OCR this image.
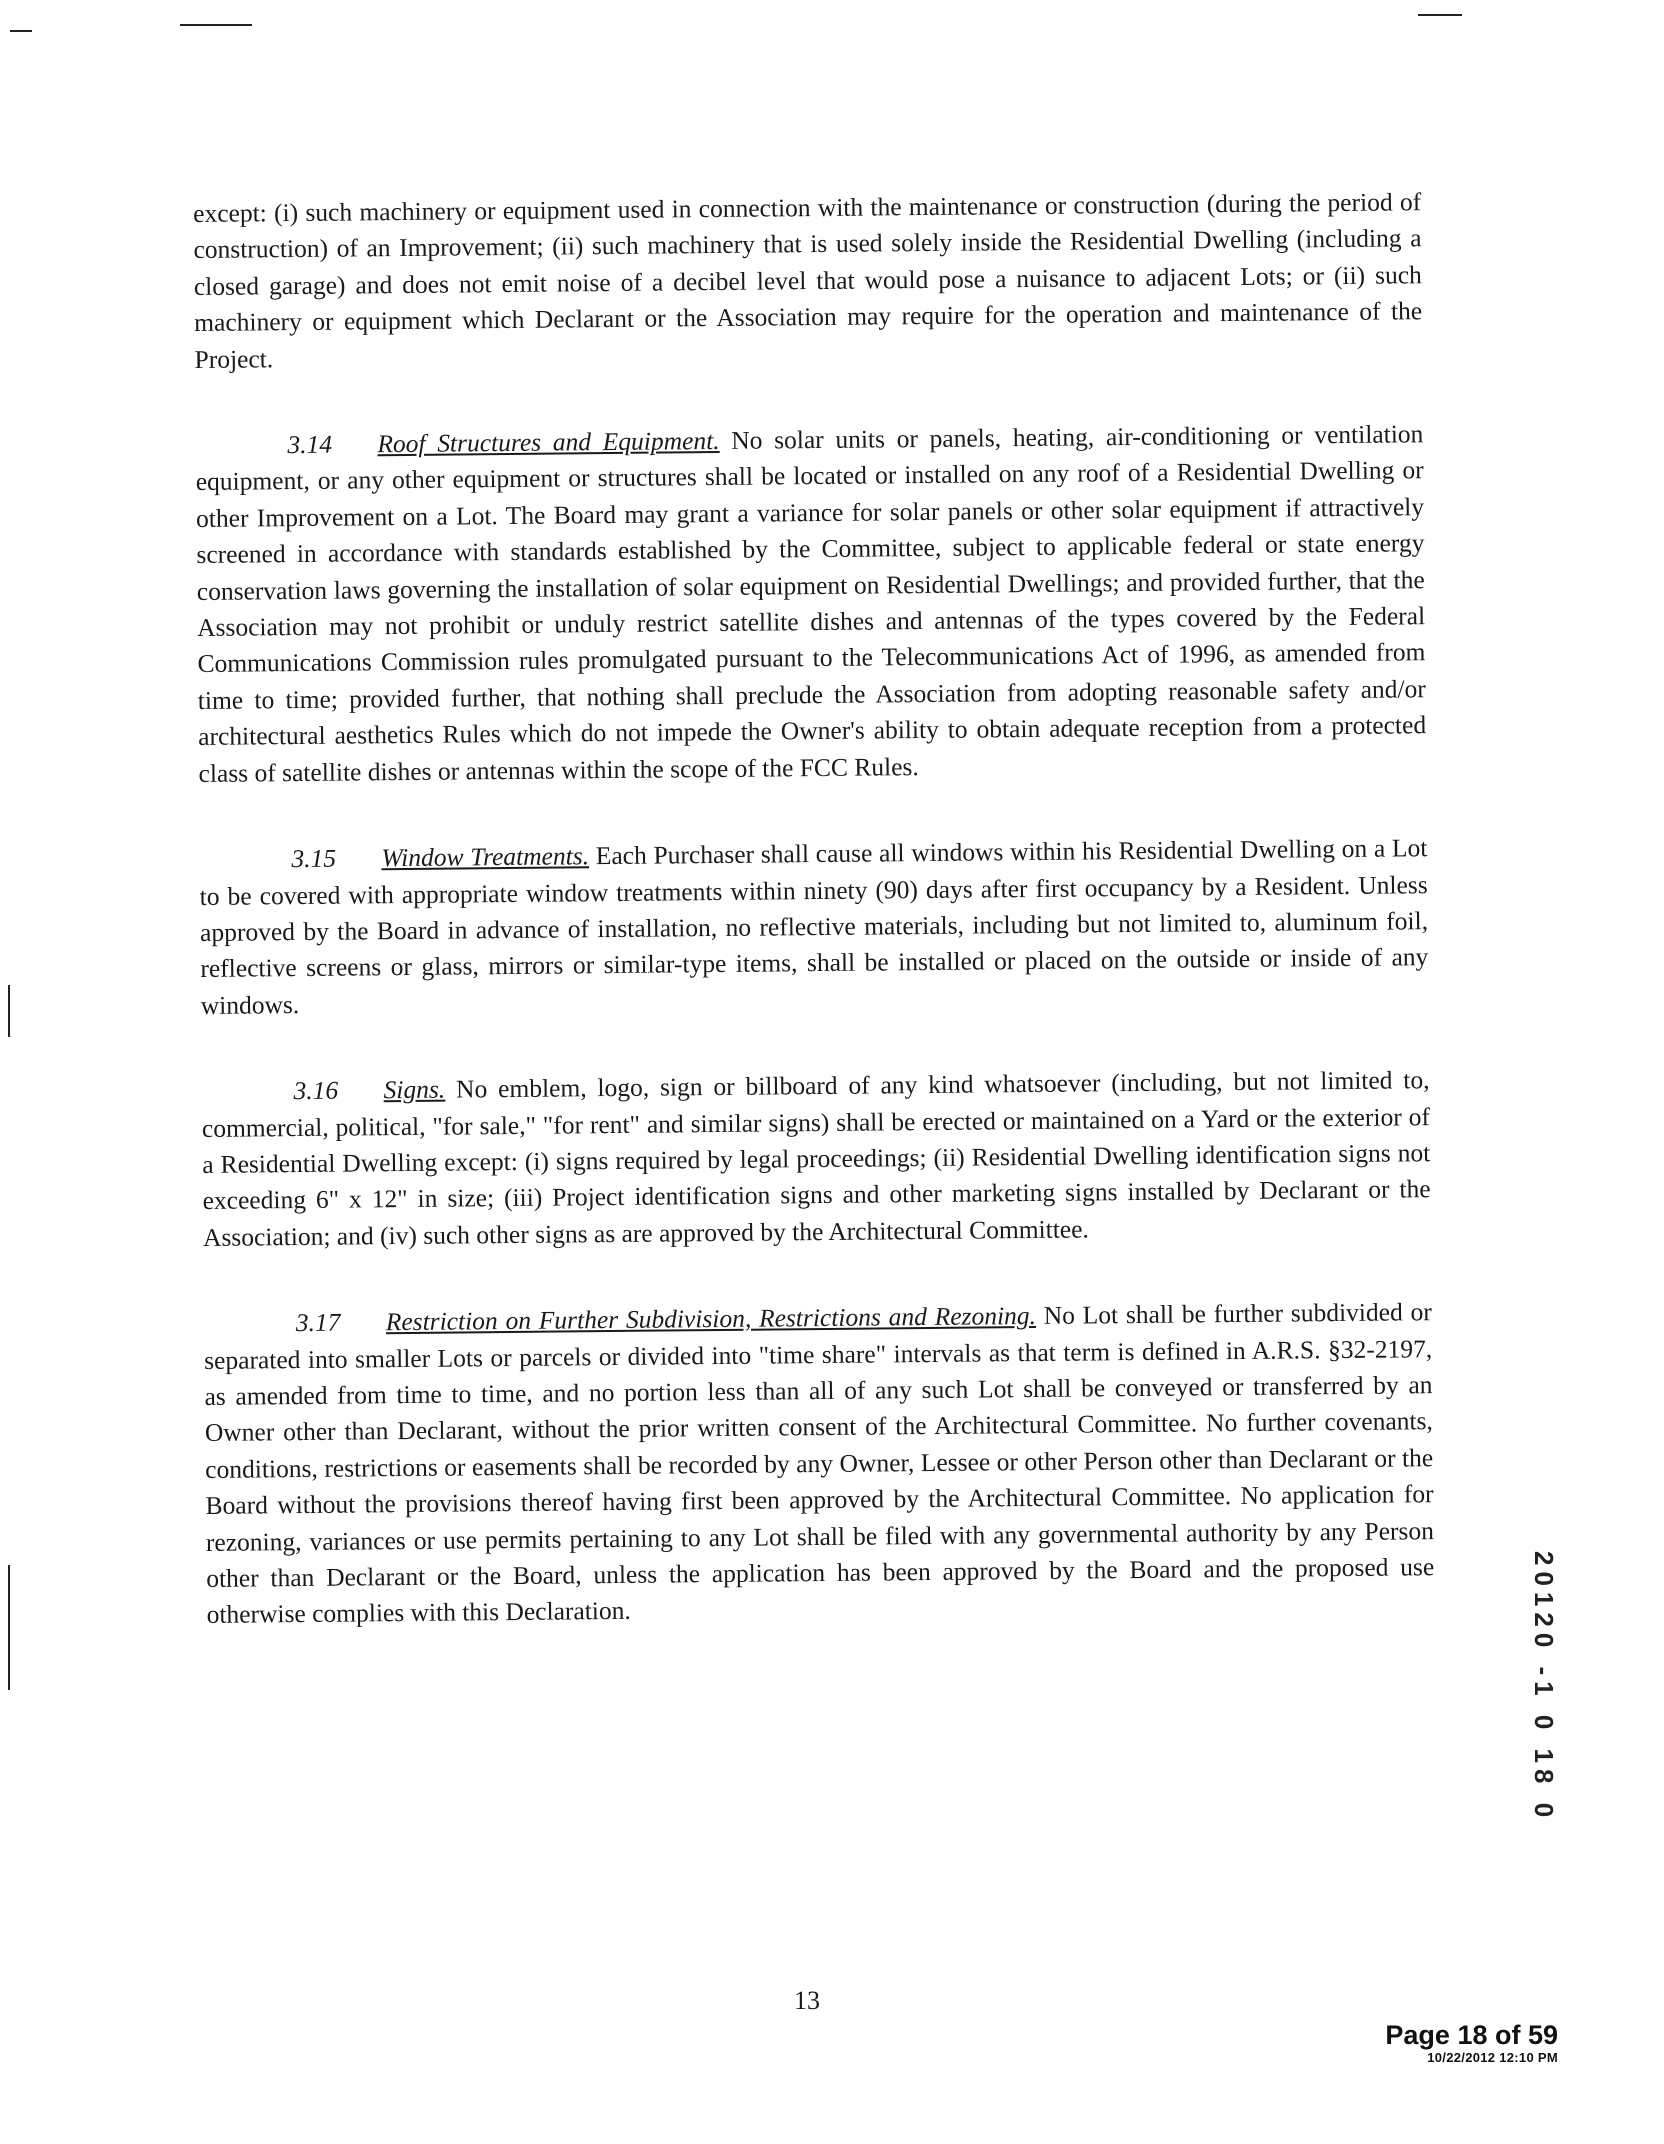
except: (i) such machinery or equipment used in connection with the maintenance or construction (during the period of construction) of an Improvement; (ii) such machinery that is used solely inside the Residential Dwelling (including a closed garage) and does not emit noise of a decibel level that would pose a nuisance to adjacent Lots; or (ii) such machinery or equipment which Declarant or the Association may require for the operation and maintenance of the Project.

3.14 Roof Structures and Equipment. No solar units or panels, heating, air-conditioning or ventilation equipment, or any other equipment or structures shall be located or installed on any roof of a Residential Dwelling or other Improvement on a Lot. The Board may grant a variance for solar panels or other solar equipment if attractively screened in accordance with standards established by the Committee, subject to applicable federal or state energy conservation laws governing the installation of solar equipment on Residential Dwellings; and provided further, that the Association may not prohibit or unduly restrict satellite dishes and antennas of the types covered by the Federal Communications Commission rules promulgated pursuant to the Telecommunications Act of 1996, as amended from time to time; provided further, that nothing shall preclude the Association from adopting reasonable safety and/or architectural aesthetics Rules which do not impede the Owner's ability to obtain adequate reception from a protected class of satellite dishes or antennas within the scope of the FCC Rules.

3.15 Window Treatments. Each Purchaser shall cause all windows within his Residential Dwelling on a Lot to be covered with appropriate window treatments within ninety (90) days after first occupancy by a Resident. Unless approved by the Board in advance of installation, no reflective materials, including but not limited to, aluminum foil, reflective screens or glass, mirrors or similar-type items, shall be installed or placed on the outside or inside of any windows.

3.16 Signs. No emblem, logo, sign or billboard of any kind whatsoever (including, but not limited to, commercial, political, "for sale," "for rent" and similar signs) shall be erected or maintained on a Yard or the exterior of a Residential Dwelling except: (i) signs required by legal proceedings; (ii) Residential Dwelling identification signs not exceeding 6" x 12" in size; (iii) Project identification signs and other marketing signs installed by Declarant or the Association; and (iv) such other signs as are approved by the Architectural Committee.

3.17 Restriction on Further Subdivision, Restrictions and Rezoning. No Lot shall be further subdivided or separated into smaller Lots or parcels or divided into "time share" intervals as that term is defined in A.R.S. §32-2197, as amended from time to time, and no portion less than all of any such Lot shall be conveyed or transferred by an Owner other than Declarant, without the prior written consent of the Architectural Committee. No further covenants, conditions, restrictions or easements shall be recorded by any Owner, Lessee or other Person other than Declarant or the Board without the provisions thereof having first been approved by the Architectural Committee. No application for rezoning, variances or use permits pertaining to any Lot shall be filed with any governmental authority by any Person other than Declarant or the Board, unless the application has been approved by the Board and the proposed use otherwise complies with this Declaration.	20120 -1 0 18 0
13
Page 18 of 59
10/22/2012 12:10 PM
